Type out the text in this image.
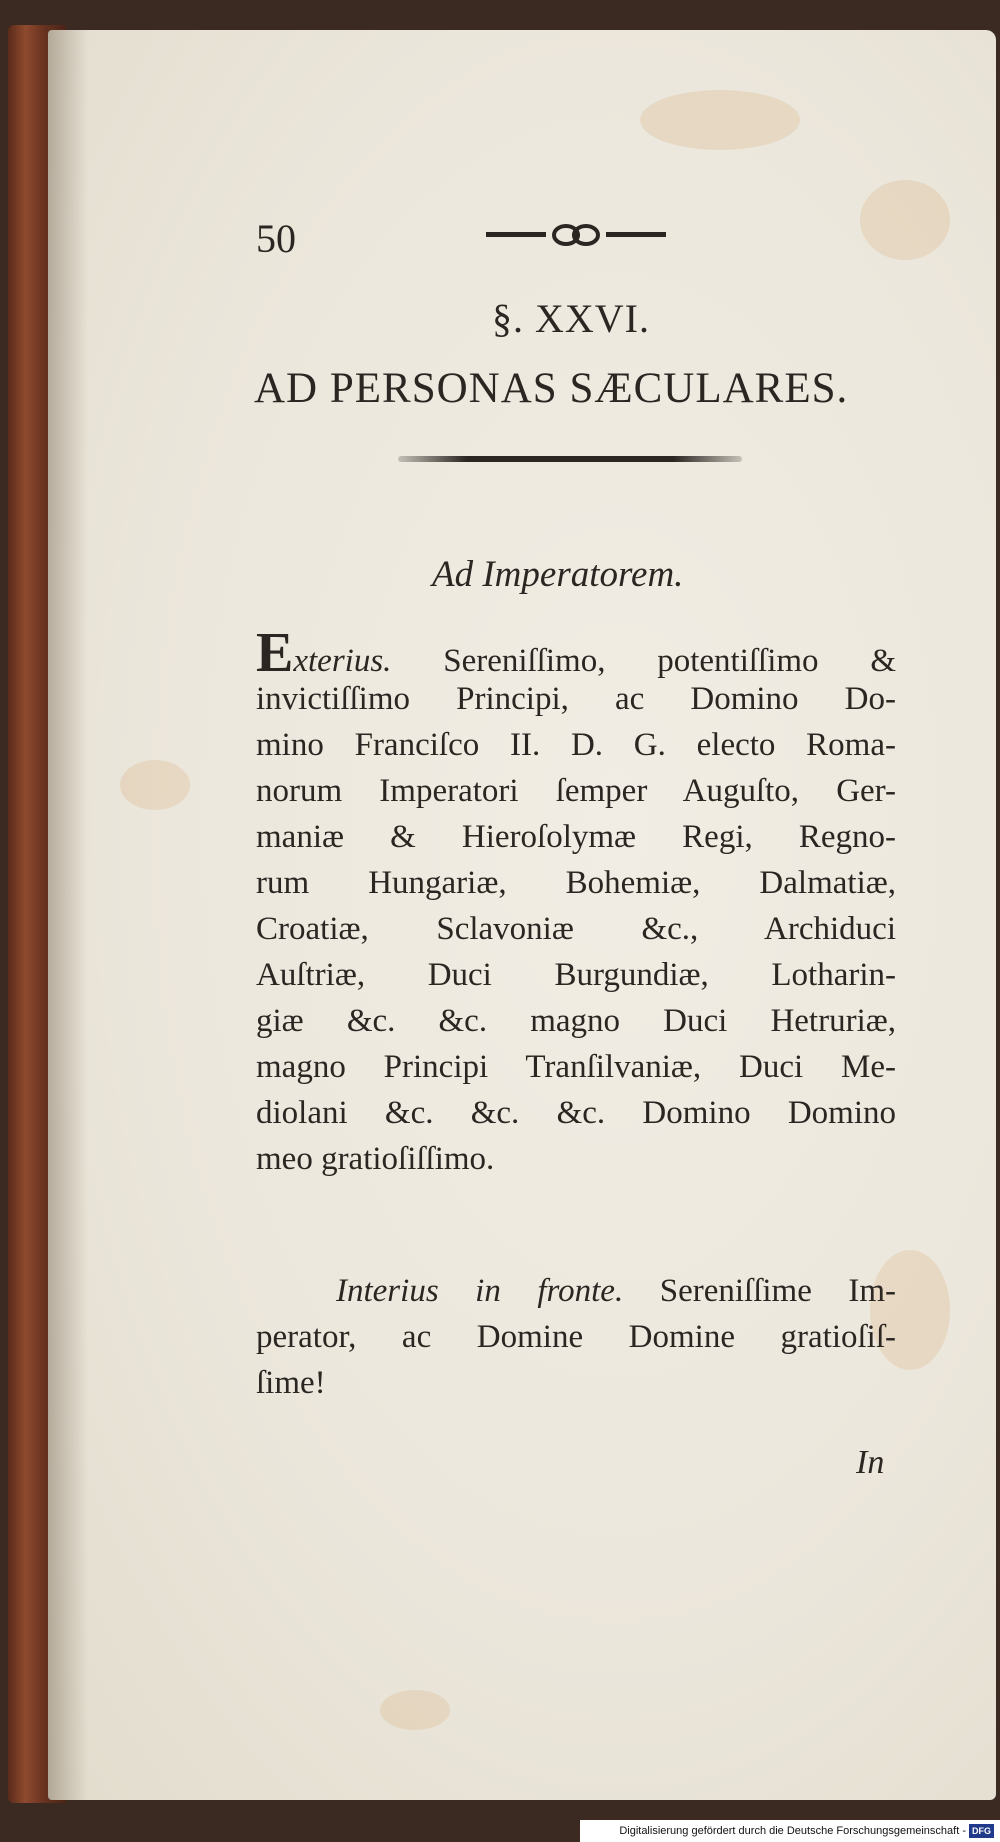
50
§. XXVI.
AD PERSONAS SÆCULARES.
Ad Imperatorem.
Exterius. Sereniſſimo, potentiſſimo &
invictiſſimo Principi, ac Domino Do-
mino Franciſco II. D. G. electo Roma-
norum Imperatori ſemper Auguſto, Ger-
maniæ & Hieroſolymæ Regi, Regno-
rum Hungariæ, Bohemiæ, Dalmatiæ,
Croatiæ, Sclavoniæ &c., Archiduci
Auſtriæ, Duci Burgundiæ, Lotharin-
giæ &c. &c. magno Duci Hetruriæ,
magno Principi Tranſilvaniæ, Duci Me-
diolani &c. &c. &c. Domino Domino
meo gratioſiſſimo.
Interius in fronte. Sereniſſime Im-
perator, ac Domine Domine gratioſiſ-
ſime!
In
Digitalisierung gefördert durch die Deutsche Forschungsgemeinschaft - DFG
